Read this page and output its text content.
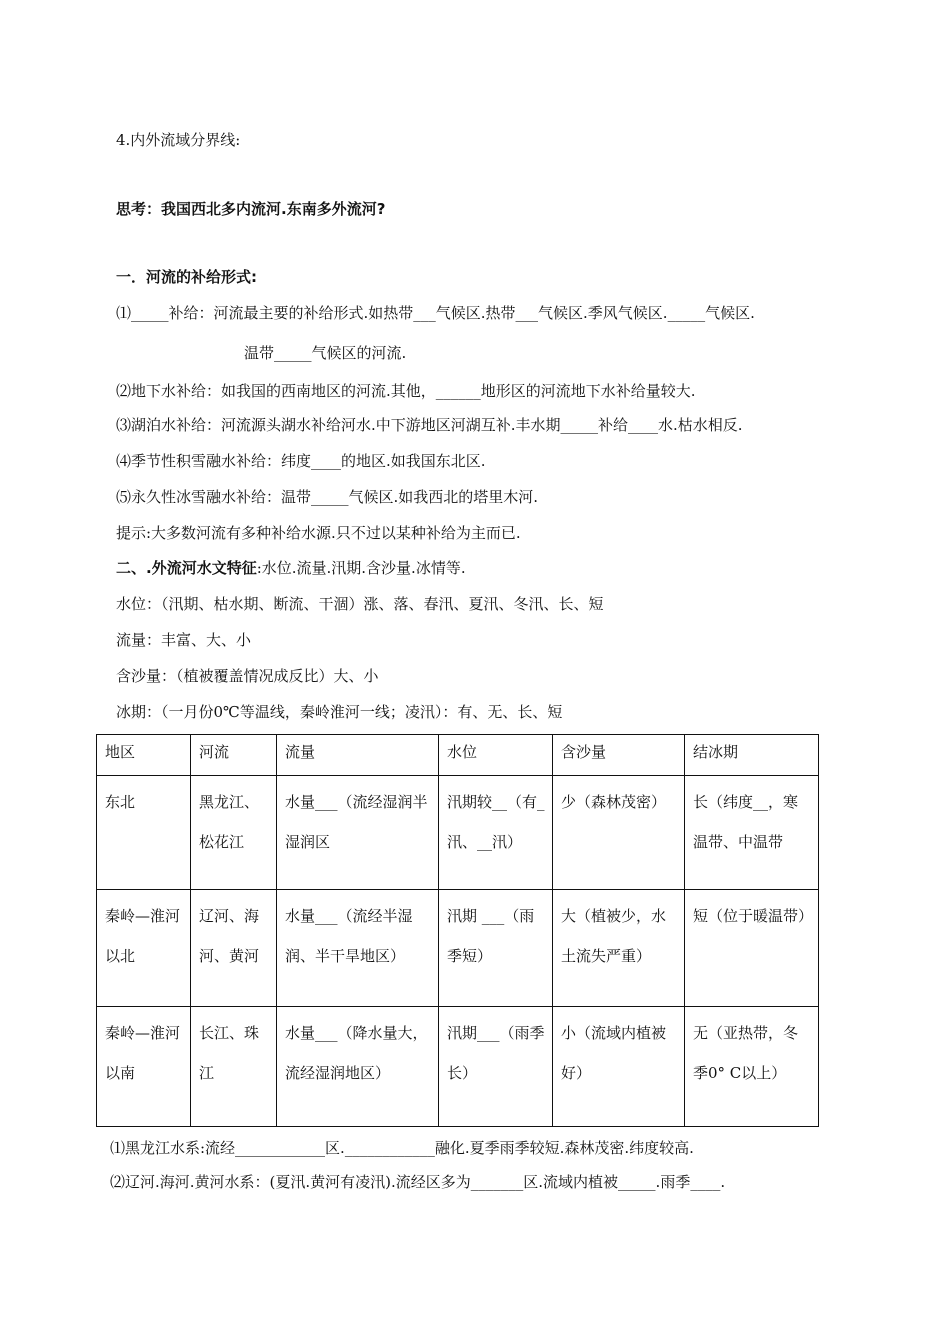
4.内外流域分界线:
思考：我国西北多内流河.东南多外流河?
一．河流的补给形式:
⑴_____补给：河流最主要的补给形式.如热带___气候区.热带___气候区.季风气候区._____气候区.
温带_____气候区的河流.
⑵地下水补给：如我国的西南地区的河流.其他，______地形区的河流地下水补给量较大.
⑶湖泊水补给：河流源头湖水补给河水.中下游地区河湖互补.丰水期_____补给____水.枯水相反.
⑷季节性积雪融水补给：纬度____的地区.如我国东北区.
⑸永久性冰雪融水补给：温带_____气候区.如我西北的塔里木河.
提示:大多数河流有多种补给水源.只不过以某种补给为主而已.
二、.外流河水文特征:水位.流量.汛期.含沙量.冰情等.
水位：（汛期、枯水期、断流、干涸）涨、落、春汛、夏汛、冬汛、长、短
流量：丰富、大、小
含沙量：（植被覆盖情况成反比）大、小
冰期：（一月份0℃等温线，秦岭淮河一线；凌汛）：有、无、长、短
地区	河流	流量	水位	含沙量	结冰期
东北	黑龙江、松花江	水量___（流经湿润半湿润区	汛期较__（有_汛、__汛）	少（森林茂密）	长（纬度__，寒温带、中温带
秦岭—淮河以北	辽河、海河、黄河	水量___（流经半湿润、半干旱地区）	汛期 ___（雨季短）	大（植被少，水土流失严重）	短（位于暖温带）
秦岭—淮河以南	长江、珠江	水量___（降水量大，流经湿润地区）	汛期___（雨季长）	小（流域内植被好）	无（亚热带，冬季0° C以上）
⑴黑龙江水系:流经____________区.____________融化.夏季雨季较短.森林茂密.纬度较高.
⑵辽河.海河.黄河水系：(夏汛.黄河有凌汛).流经区多为_______区.流域内植被_____.雨季____.
